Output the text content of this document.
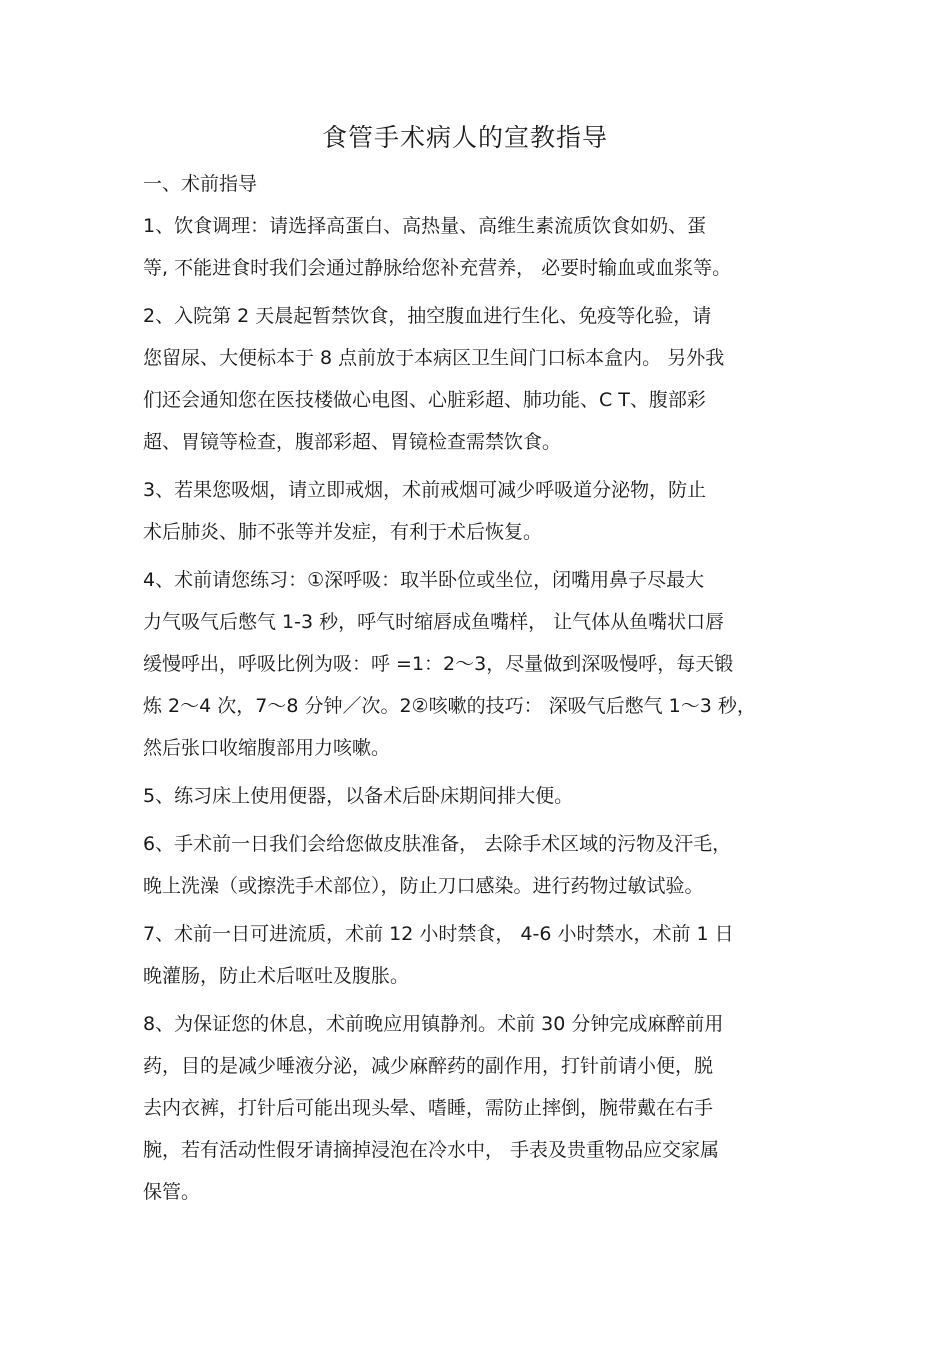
食管手术病人的宣教指导
一、术前指导
1、饮食调理：请选择高蛋白、高热量、高维生素流质饮食如奶、蛋
等, 不能进食时我们会通过静脉给您补充营养， 必要时输血或血浆等。
2、入院第 2 天晨起暂禁饮食，抽空腹血进行生化、免疫等化验，请
您留尿、大便标本于 8 点前放于本病区卫生间门口标本盒内。 另外我
们还会通知您在医技楼做心电图、心脏彩超、肺功能、C T、腹部彩
超、胃镜等检查，腹部彩超、胃镜检查需禁饮食。
3、若果您吸烟，请立即戒烟，术前戒烟可减少呼吸道分泌物，防止
术后肺炎、肺不张等并发症，有利于术后恢复。
4、术前请您练习：①深呼吸：取半卧位或坐位，闭嘴用鼻子尽最大
力气吸气后憋气 1-3 秒，呼气时缩唇成鱼嘴样， 让气体从鱼嘴状口唇
缓慢呼出，呼吸比例为吸：呼 =1：2～3，尽量做到深吸慢呼，每天锻
炼 2～4 次，7～8 分钟／次。2②咳嗽的技巧： 深吸气后憋气 1～3 秒，
然后张口收缩腹部用力咳嗽。
5、练习床上使用便器，以备术后卧床期间排大便。
6、手术前一日我们会给您做皮肤准备， 去除手术区域的污物及汗毛，
晚上洗澡（或擦洗手术部位），防止刀口感染。进行药物过敏试验。
7、术前一日可进流质，术前 12 小时禁食， 4-6 小时禁水，术前 1 日
晚灌肠，防止术后呕吐及腹胀。
8、为保证您的休息，术前晚应用镇静剂。术前 30 分钟完成麻醉前用
药，目的是减少唾液分泌，减少麻醉药的副作用，打针前请小便，脱
去内衣裤，打针后可能出现头晕、嗜睡，需防止摔倒，腕带戴在右手
腕，若有活动性假牙请摘掉浸泡在冷水中， 手表及贵重物品应交家属
保管。
